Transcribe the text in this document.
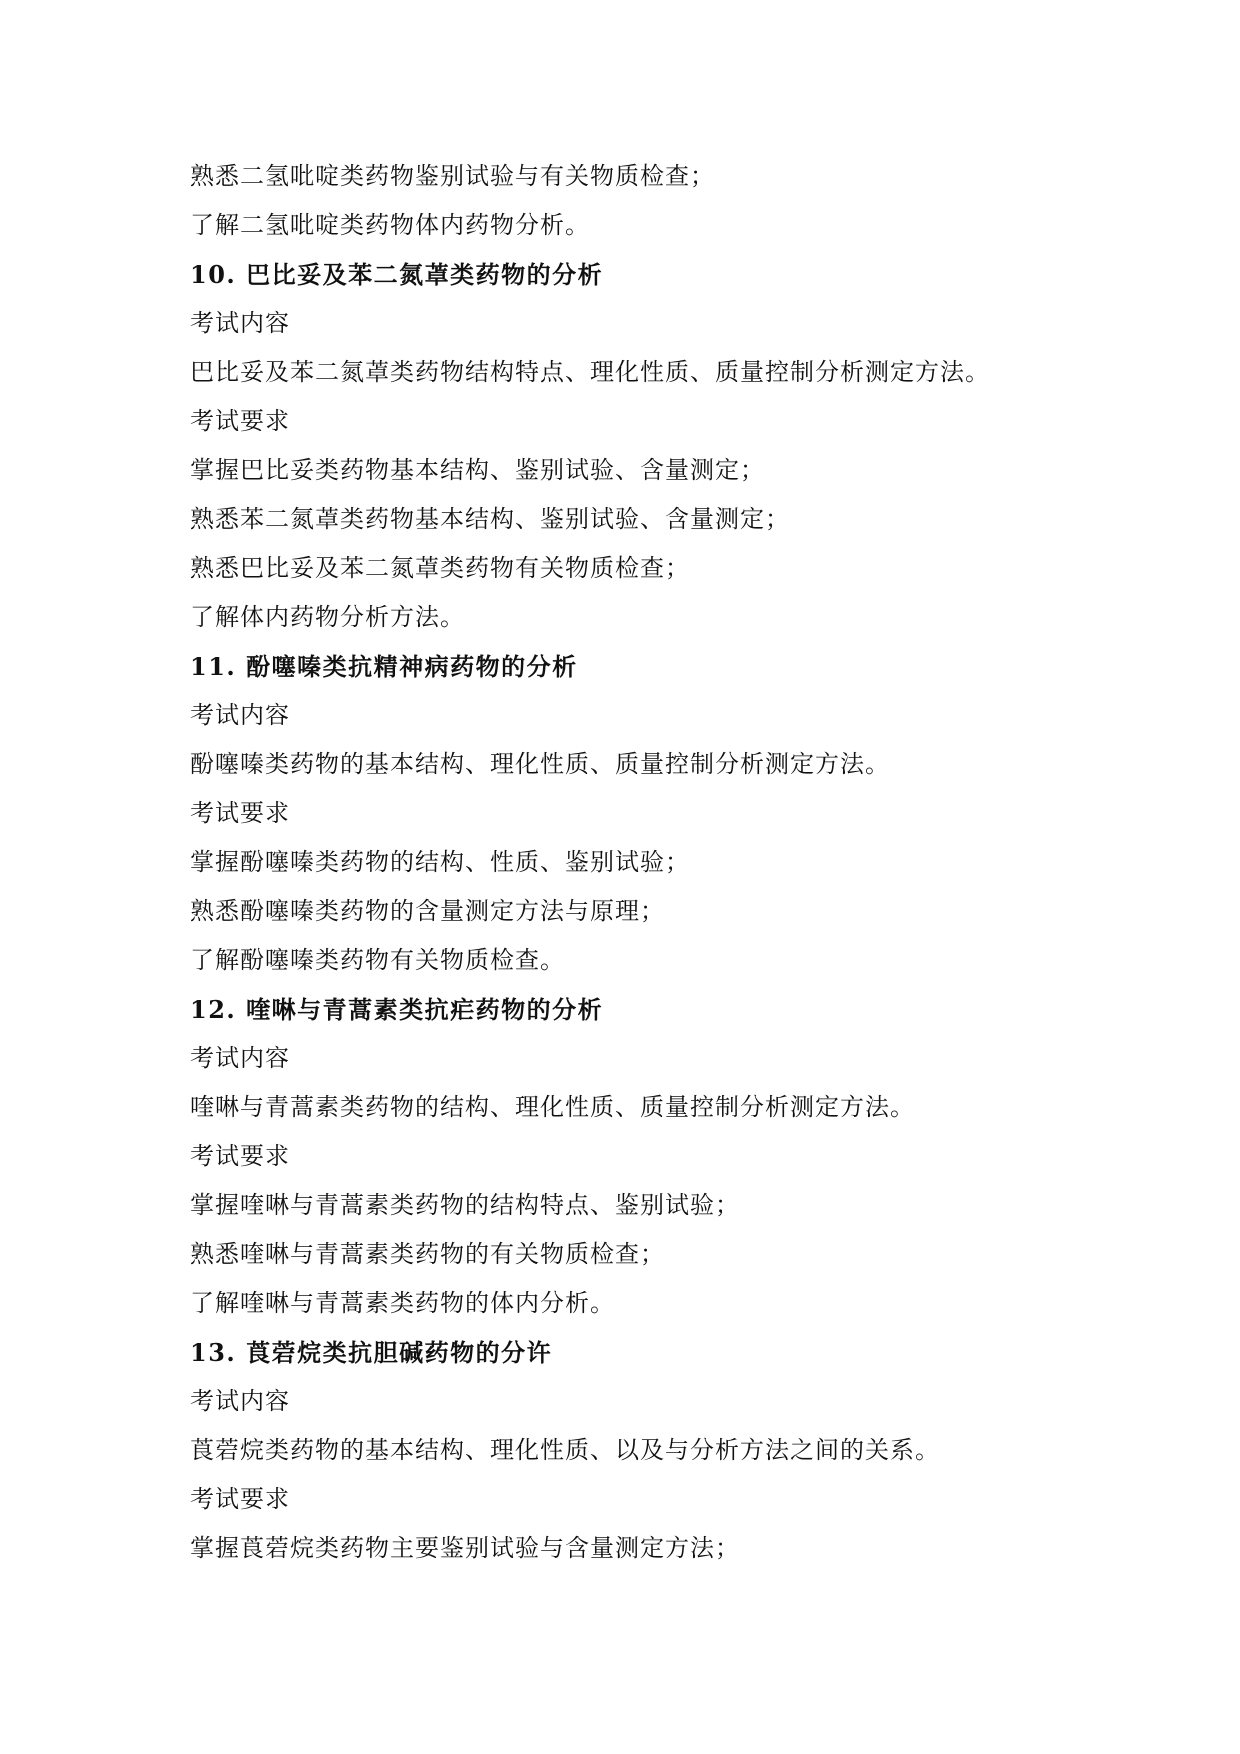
熟悉二氢吡啶类药物鉴别试验与有关物质检查；
了解二氢吡啶类药物体内药物分析。
10. 巴比妥及苯二氮䓬类药物的分析
考试内容
巴比妥及苯二氮䓬类药物结构特点、理化性质、质量控制分析测定方法。
考试要求
掌握巴比妥类药物基本结构、鉴别试验、含量测定；
熟悉苯二氮䓬类药物基本结构、鉴别试验、含量测定；
熟悉巴比妥及苯二氮䓬类药物有关物质检查；
了解体内药物分析方法。
11. 酚噻嗪类抗精神病药物的分析
考试内容
酚噻嗪类药物的基本结构、理化性质、质量控制分析测定方法。
考试要求
掌握酚噻嗪类药物的结构、性质、鉴别试验；
熟悉酚噻嗪类药物的含量测定方法与原理；
了解酚噻嗪类药物有关物质检查。
12. 喹啉与青蒿素类抗疟药物的分析
考试内容
喹啉与青蒿素类药物的结构、理化性质、质量控制分析测定方法。
考试要求
掌握喹啉与青蒿素类药物的结构特点、鉴别试验；
熟悉喹啉与青蒿素类药物的有关物质检查；
了解喹啉与青蒿素类药物的体内分析。
13. 莨菪烷类抗胆碱药物的分许
考试内容
莨菪烷类药物的基本结构、理化性质、以及与分析方法之间的关系。
考试要求
掌握莨菪烷类药物主要鉴别试验与含量测定方法；
